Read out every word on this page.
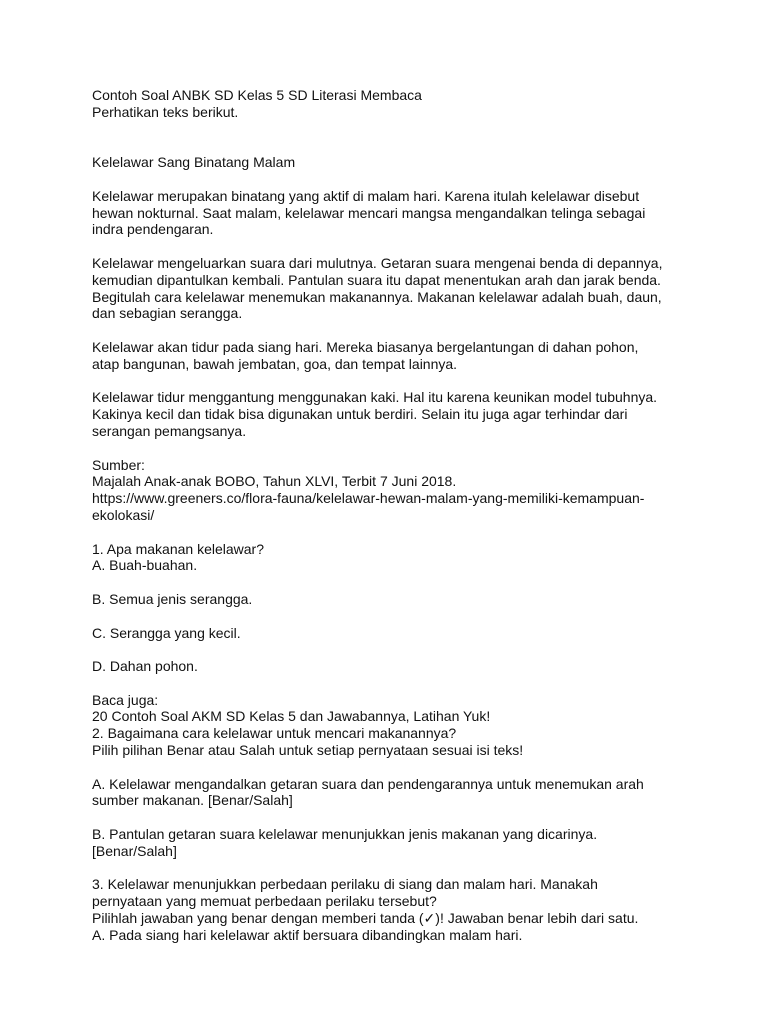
Contoh Soal ANBK SD Kelas 5 SD Literasi Membaca
Perhatikan teks berikut.
Kelelawar Sang Binatang Malam
Kelelawar merupakan binatang yang aktif di malam hari. Karena itulah kelelawar disebut
hewan nokturnal. Saat malam, kelelawar mencari mangsa mengandalkan telinga sebagai
indra pendengaran.
Kelelawar mengeluarkan suara dari mulutnya. Getaran suara mengenai benda di depannya,
kemudian dipantulkan kembali. Pantulan suara itu dapat menentukan arah dan jarak benda.
Begitulah cara kelelawar menemukan makanannya. Makanan kelelawar adalah buah, daun,
dan sebagian serangga.
Kelelawar akan tidur pada siang hari. Mereka biasanya bergelantungan di dahan pohon,
atap bangunan, bawah jembatan, goa, dan tempat lainnya.
Kelelawar tidur menggantung menggunakan kaki. Hal itu karena keunikan model tubuhnya.
Kakinya kecil dan tidak bisa digunakan untuk berdiri. Selain itu juga agar terhindar dari
serangan pemangsanya.
Sumber:
Majalah Anak-anak BOBO, Tahun XLVI, Terbit 7 Juni 2018.
https://www.greeners.co/flora-fauna/kelelawar-hewan-malam-yang-memiliki-kemampuan-
ekolokasi/
1. Apa makanan kelelawar?
A. Buah-buahan.
B. Semua jenis serangga.
C. Serangga yang kecil.
D. Dahan pohon.
Baca juga:
20 Contoh Soal AKM SD Kelas 5 dan Jawabannya, Latihan Yuk!
2. Bagaimana cara kelelawar untuk mencari makanannya?
Pilih pilihan Benar atau Salah untuk setiap pernyataan sesuai isi teks!
A. Kelelawar mengandalkan getaran suara dan pendengarannya untuk menemukan arah
sumber makanan. [Benar/Salah]
B. Pantulan getaran suara kelelawar menunjukkan jenis makanan yang dicarinya.
[Benar/Salah]
3. Kelelawar menunjukkan perbedaan perilaku di siang dan malam hari. Manakah
pernyataan yang memuat perbedaan perilaku tersebut?
Pilihlah jawaban yang benar dengan memberi tanda (✓)! Jawaban benar lebih dari satu.
A. Pada siang hari kelelawar aktif bersuara dibandingkan malam hari.
